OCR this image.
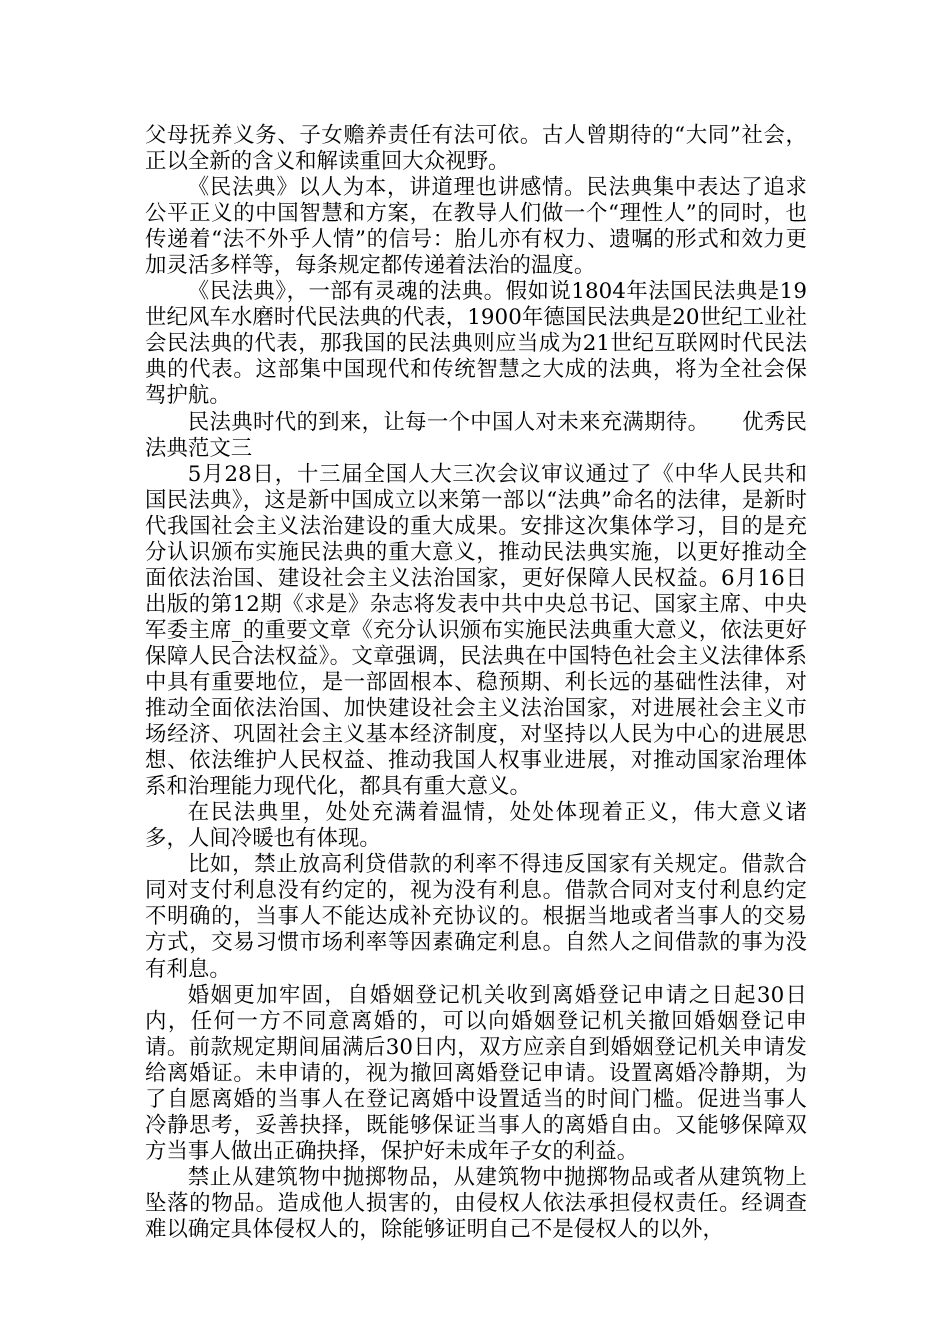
父母抚养义务、子女赡养责任有法可依。古人曾期待的“大同”社会，正以全新的含义和解读重回大众视野。

《民法典》以人为本，讲道理也讲感情。民法典集中表达了追求公平正义的中国智慧和方案，在教导人们做一个“理性人”的同时，也传递着“法不外乎人情”的信号：胎儿亦有权力、遗嘱的形式和效力更加灵活多样等，每条规定都传递着法治的温度。

《民法典》，一部有灵魂的法典。假如说1804年法国民法典是19世纪风车水磨时代民法典的代表，1900年德国民法典是20世纪工业社会民法典的代表，那我国的民法典则应当成为21世纪互联网时代民法典的代表。这部集中国现代和传统智慧之大成的法典，将为全社会保驾护航。

民法典时代的到来，让每一个中国人对未来充满期待。　　优秀民法典范文三

5月28日，十三届全国人大三次会议审议通过了《中华人民共和国民法典》，这是新中国成立以来第一部以“法典”命名的法律，是新时代我国社会主义法治建设的重大成果。安排这次集体学习，目的是充分认识颁布实施民法典的重大意义，推动民法典实施，以更好推动全面依法治国、建设社会主义法治国家，更好保障人民权益。6月16日出版的第12期《求是》杂志将发表中共中央总书记、国家主席、中央军委主席_的重要文章《充分认识颁布实施民法典重大意义，依法更好保障人民合法权益》。文章强调，民法典在中国特色社会主义法律体系中具有重要地位，是一部固根本、稳预期、利长远的基础性法律，对推动全面依法治国、加快建设社会主义法治国家，对进展社会主义市场经济、巩固社会主义基本经济制度，对坚持以人民为中心的进展思想、依法维护人民权益、推动我国人权事业进展，对推动国家治理体系和治理能力现代化，都具有重大意义。

在民法典里，处处充满着温情，处处体现着正义，伟大意义诸多，人间冷暖也有体现。

比如，禁止放高利贷借款的利率不得违反国家有关规定。借款合同对支付利息没有约定的，视为没有利息。借款合同对支付利息约定不明确的，当事人不能达成补充协议的。根据当地或者当事人的交易方式，交易习惯市场利率等因素确定利息。自然人之间借款的事为没有利息。

婚姻更加牢固，自婚姻登记机关收到离婚登记申请之日起30日内，任何一方不同意离婚的，可以向婚姻登记机关撤回婚姻登记申请。前款规定期间届满后30日内，双方应亲自到婚姻登记机关申请发给离婚证。未申请的，视为撤回离婚登记申请。设置离婚冷静期，为了自愿离婚的当事人在登记离婚中设置适当的时间门槛。促进当事人冷静思考，妥善抉择，既能够保证当事人的离婚自由。又能够保障双方当事人做出正确抉择，保护好未成年子女的利益。

禁止从建筑物中抛掷物品，从建筑物中抛掷物品或者从建筑物上坠落的物品。造成他人损害的，由侵权人依法承担侵权责任。经调查难以确定具体侵权人的，除能够证明自己不是侵权人的以外，
